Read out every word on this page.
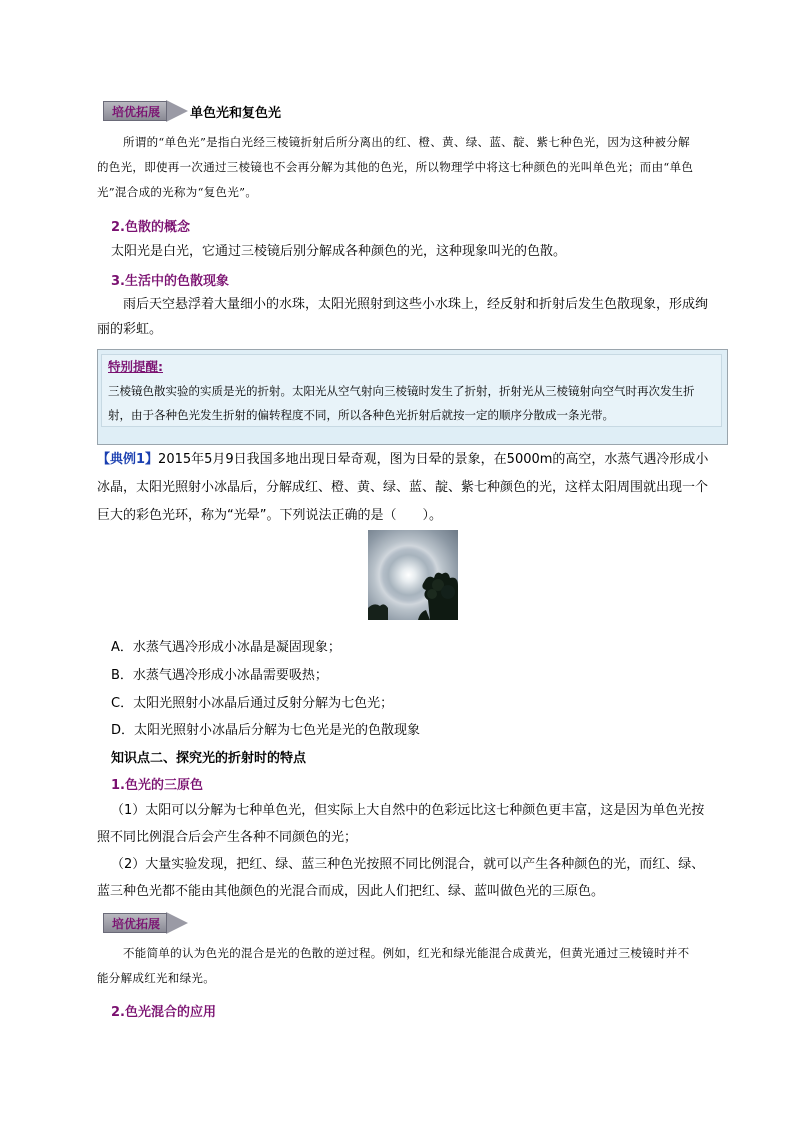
培优拓展	单色光和复色光
所谓的“单色光”是指白光经三棱镜折射后所分离出的红、橙、黄、绿、蓝、靛、紫七种色光，因为这种被分解的色光，即使再一次通过三棱镜也不会再分解为其他的色光，所以物理学中将这七种颜色的光叫单色光；而由“单色光”混合成的光称为“复色光”。
2.色散的概念
太阳光是白光，它通过三棱镜后别分解成各种颜色的光，这种现象叫光的色散。
3.生活中的色散现象
雨后天空悬浮着大量细小的水珠，太阳光照射到这些小水珠上，经反射和折射后发生色散现象，形成绚丽的彩虹。
特别提醒:
三棱镜色散实验的实质是光的折射。太阳光从空气射向三棱镜时发生了折射，折射光从三棱镜射向空气时再次发生折射，由于各种色光发生折射的偏转程度不同，所以各种色光折射后就按一定的顺序分散成一条光带。
【典例1】2015年5月9日我国多地出现日晕奇观，图为日晕的景象，在5000m的高空，水蒸气遇冷形成小冰晶，太阳光照射小冰晶后，分解成红、橙、黄、绿、蓝、靛、紫七种颜色的光，这样太阳周围就出现一个巨大的彩色光环，称为“光晕”。下列说法正确的是（　　）。
A．水蒸气遇冷形成小冰晶是凝固现象；
B．水蒸气遇冷形成小冰晶需要吸热；
C．太阳光照射小冰晶后通过反射分解为七色光；
D．太阳光照射小冰晶后分解为七色光是光的色散现象
知识点二、探究光的折射时的特点
1.色光的三原色
（1）太阳可以分解为七种单色光，但实际上大自然中的色彩远比这七种颜色更丰富，这是因为单色光按照不同比例混合后会产生各种不同颜色的光；
（2）大量实验发现，把红、绿、蓝三种色光按照不同比例混合，就可以产生各种颜色的光，而红、绿、蓝三种色光都不能由其他颜色的光混合而成，因此人们把红、绿、蓝叫做色光的三原色。
培优拓展
不能简单的认为色光的混合是光的色散的逆过程。例如，红光和绿光能混合成黄光，但黄光通过三棱镜时并不能分解成红光和绿光。
2.色光混合的应用
